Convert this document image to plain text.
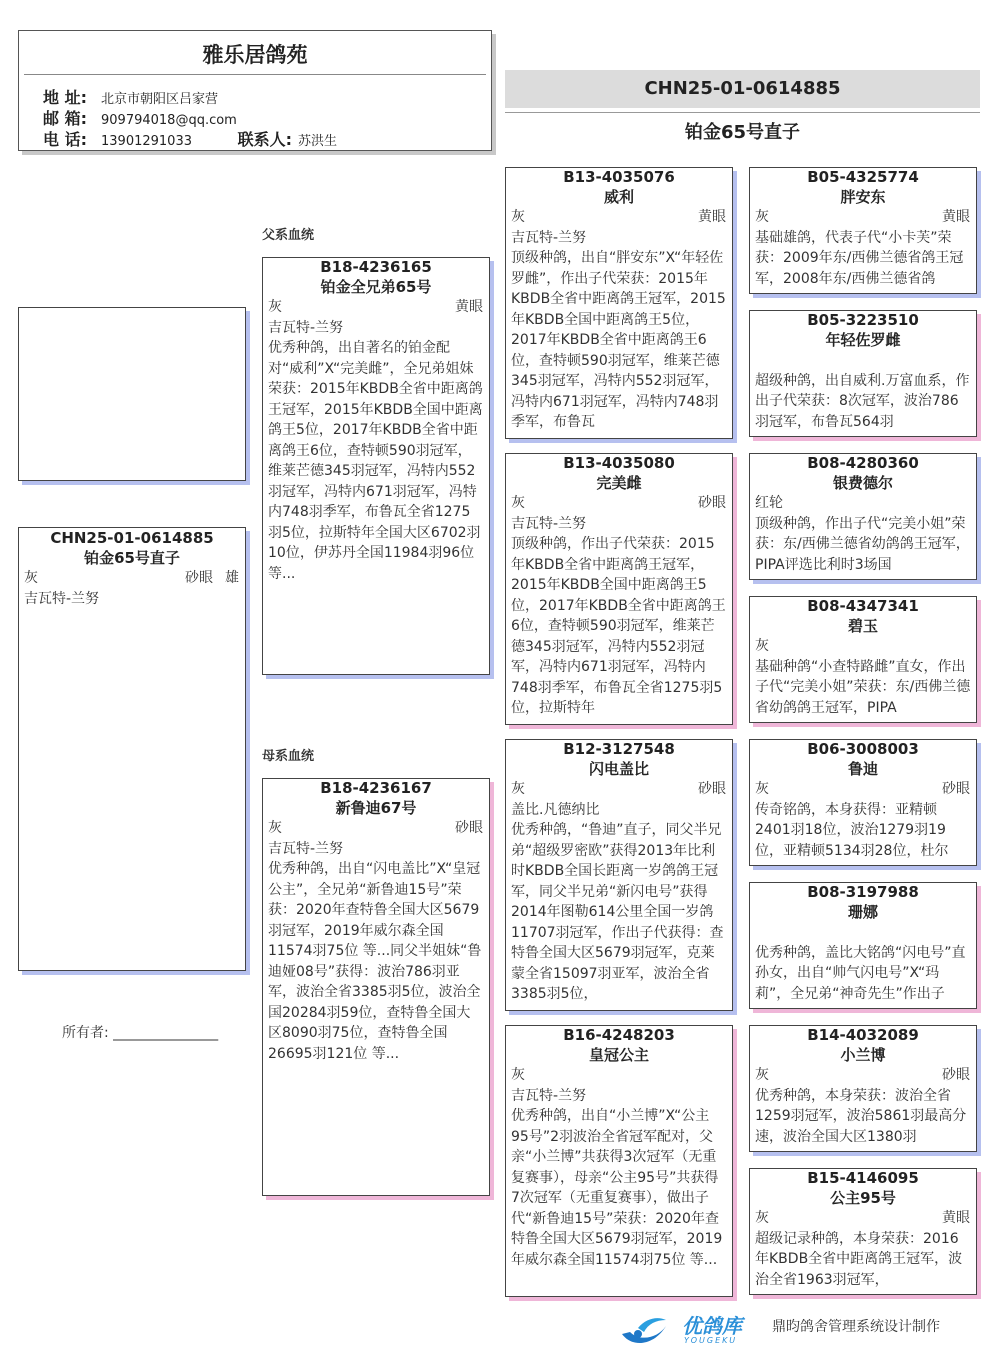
雅乐居鸽苑
地 址: 北京市朝阳区吕家营
邮 箱: 909794018@qq.com
电 话: 13901291033	联系人: 苏洪生
CHN25-01-0614885
铂金65号直子
CHN25-01-0614885
铂金65号直子
灰	砂眼 雄
吉瓦特-兰努
父系血统
母系血统
所有者: _______________
B18-4236165
铂金全兄弟65号
灰	黄眼
吉瓦特-兰努
优秀种鸽，出自著名的铂金配对“威利”X“完美雌”，全兄弟姐妹荣获：2015年KBDB全省中距离鸽王冠军，2015年KBDB全国中距离鸽王5位，2017年KBDB全省中距离鸽王6位，查特顿590羽冠军，维莱芒德345羽冠军，冯特内552羽冠军，冯特内671羽冠军，冯特内748羽季军，布鲁瓦全省1275羽5位，拉斯特年全国大区6702羽10位，伊苏丹全国11984羽96位 等...
B18-4236167
新鲁迪67号
灰	砂眼
吉瓦特-兰努
优秀种鸽，出自“闪电盖比”X“皇冠公主”，全兄弟“新鲁迪15号”荣获：2020年查特鲁全国大区5679羽冠军，2019年威尔森全国11574羽75位 等...同父半姐妹“鲁迪娅08号”获得：波治786羽亚军，波治全省3385羽5位，波治全国20284羽59位，查特鲁全国大区8090羽75位，查特鲁全国26695羽121位 等...
B13-4035076
威利
灰	黄眼
吉瓦特-兰努
顶级种鸽，出自“胖安东”X“年轻佐罗雌”，作出子代荣获：2015年KBDB全省中距离鸽王冠军，2015年KBDB全国中距离鸽王5位，2017年KBDB全省中距离鸽王6位，查特顿590羽冠军，维莱芒德345羽冠军，冯特内552羽冠军，冯特内671羽冠军，冯特内748羽季军，布鲁瓦
B13-4035080
完美雌
灰	砂眼
吉瓦特-兰努
顶级种鸽，作出子代荣获：2015年KBDB全省中距离鸽王冠军，2015年KBDB全国中距离鸽王5位，2017年KBDB全省中距离鸽王6位，查特顿590羽冠军，维莱芒德345羽冠军，冯特内552羽冠军，冯特内671羽冠军，冯特内748羽季军，布鲁瓦全省1275羽5位，拉斯特年
B12-3127548
闪电盖比
灰	砂眼
盖比.凡德纳比
优秀种鸽，“鲁迪”直子，同父半兄弟“超级罗密欧”获得2013年比利时KBDB全国长距离一岁鸽鸽王冠军，同父半兄弟“新闪电号”获得2014年图勒614公里全国一岁鸽11707羽冠军，作出子代获得：查特鲁全国大区5679羽冠军，克莱蒙全省15097羽亚军，波治全省3385羽5位，
B16-4248203
皇冠公主
灰
吉瓦特-兰努
优秀种鸽，出自“小兰博”X“公主95号”2羽波治全省冠军配对，父亲“小兰博”共获得3次冠军（无重复赛事），母亲“公主95号”共获得7次冠军（无重复赛事），做出子代“新鲁迪15号”荣获：2020年查特鲁全国大区5679羽冠军，2019年威尔森全国11574羽75位 等...
B05-4325774
胖安东
灰	黄眼
基础雄鸽，代表子代“小卡芙”荣获：2009年东/西佛兰德省鸽王冠军，2008年东/西佛兰德省鸽
B05-3223510
年轻佐罗雌
超级种鸽，出自威利.万富血系，作出子代荣获：8次冠军，波治786羽冠军，布鲁瓦564羽
B08-4280360
银费德尔
红轮
顶级种鸽，作出子代“完美小姐”荣获：东/西佛兰德省幼鸽鸽王冠军，PIPA评选比利时3场国
B08-4347341
碧玉
灰
基础种鸽“小查特路雌”直女，作出子代“完美小姐”荣获：东/西佛兰德省幼鸽鸽王冠军，PIPA
B06-3008003
鲁迪
灰	砂眼
传奇铭鸽，本身获得：亚精顿2401羽18位，波治1279羽19位，亚精顿5134羽28位，杜尔
B08-3197988
珊娜
优秀种鸽，盖比大铭鸽“闪电号”直孙女，出自“帅气闪电号”X“玛莉”，全兄弟“神奇先生”作出子
B14-4032089
小兰博
灰	砂眼
优秀种鸽，本身荣获：波治全省1259羽冠军，波治5861羽最高分速，波治全国大区1380羽
B15-4146095
公主95号
灰	黄眼
超级记录种鸽，本身荣获：2016年KBDB全省中距离鸽王冠军，波治全省1963羽冠军，
优鸽库
YOUGEKU
鼎昀鸽舍管理系统设计制作
